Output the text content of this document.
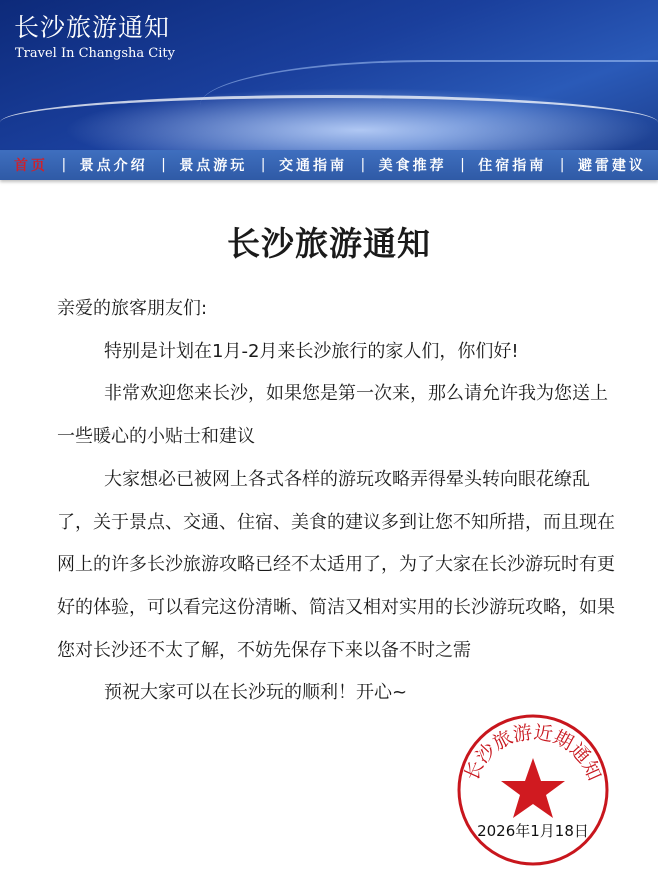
长沙旅游通知
Travel In Changsha City
首页 | 景点介绍 | 景点游玩 | 交通指南 | 美食推荐 | 住宿指南 | 避雷建议
长沙旅游通知

亲爱的旅客朋友们:

特别是计划在1月-2月来长沙旅行的家人们，你们好!

非常欢迎您来长沙，如果您是第一次来，那么请允许我为您送上一些暖心的小贴士和建议

大家想必已被网上各式各样的游玩攻略弄得晕头转向眼花缭乱了，关于景点、交通、住宿、美食的建议多到让您不知所措，而且现在网上的许多长沙旅游攻略已经不太适用了，为了大家在长沙游玩时有更好的体验，可以看完这份清晰、简洁又相对实用的长沙游玩攻略，如果您对长沙还不太了解，不妨先保存下来以备不时之需

预祝大家可以在长沙玩的顺利！开心~

长沙旅游近期通知
2026年1月18日
